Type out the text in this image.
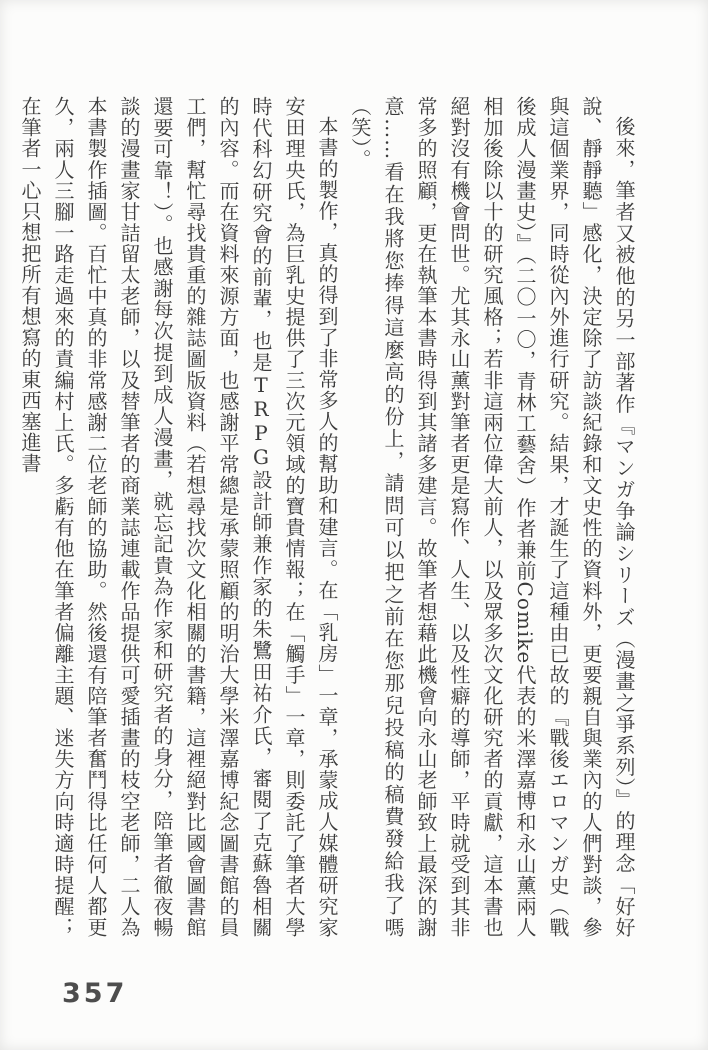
後來，筆者又被他的另一部著作『マンガ争論シリーズ（漫畫之爭系列）』的理念「好好說、靜靜聽」感化，決定除了訪談紀錄和文史性的資料外，更要親自與業內的人們對談，參與這個業界，同時從內外進行研究。結果，才誕生了這種由已故的『戰後エロマンガ史（戰後成人漫畫史）』（二〇一〇，青林工藝舍）作者兼前Comike代表的米澤嘉博和永山薰兩人相加後除以十的研究風格；若非這兩位偉大前人，以及眾多次文化研究者的貢獻，這本書也絕對沒有機會問世。尤其永山薰對筆者更是寫作、人生、以及性癖的導師，平時就受到其非常多的照顧，更在執筆本書時得到其諸多建言。故筆者想藉此機會向永山老師致上最深的謝意……看在我將您捧得這麼高的份上，請問可以把之前在您那兒投稿的稿費發給我了嗎（笑）。

本書的製作，真的得到了非常多人的幫助和建言。在「乳房」一章，承蒙成人媒體研究家安田理央氏，為巨乳史提供了三次元領域的寶貴情報；在「觸手」一章，則委託了筆者大學時代科幻研究會的前輩，也是TRPG設計師兼作家的朱鷺田祐介氏，審閱了克蘇魯相關的內容。而在資料來源方面，也感謝平常總是承蒙照顧的明治大學米澤嘉博紀念圖書館的員工們，幫忙尋找貴重的雜誌圖版資料（若想尋找次文化相關的書籍，這裡絕對比國會圖書館還要可靠！）。也感謝每次提到成人漫畫，就忘記貴為作家和研究者的身分，陪筆者徹夜暢談的漫畫家甘詰留太老師，以及替筆者的商業誌連載作品提供可愛插畫的枝空老師，二人為本書製作插圖。百忙中真的非常感謝二位老師的協助。然後還有陪筆者奮鬥得比任何人都更久，兩人三腳一路走過來的責編村上氏。多虧有他在筆者偏離主題、迷失方向時適時提醒；在筆者一心只想把所有想寫的東西塞進書

357
